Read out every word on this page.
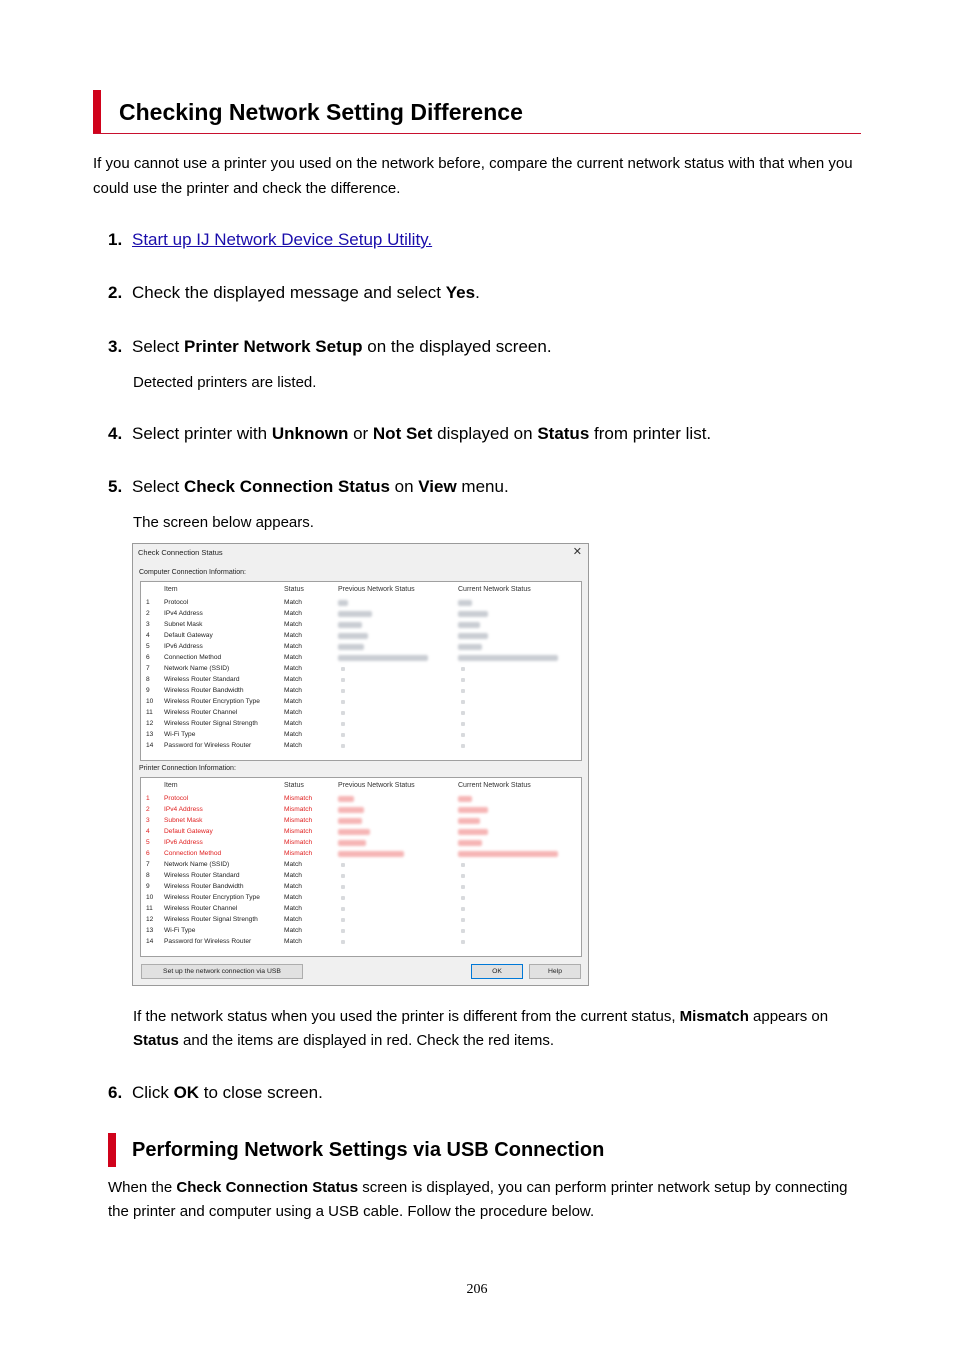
Checking Network Setting Difference
If you cannot use a printer you used on the network before, compare the current network status with that when you could use the printer and check the difference.
1. Start up IJ Network Device Setup Utility.
2. Check the displayed message and select Yes.
3. Select Printer Network Setup on the displayed screen.
Detected printers are listed.
4. Select printer with Unknown or Not Set displayed on Status from printer list.
5. Select Check Connection Status on View menu.
The screen below appears.
Check Connection Status	✕
Computer Connection Information:
Item	Status	Previous Network Status	Current Network Status
1 Protocol	Match
2 IPv4 Address	Match
3 Subnet Mask	Match
4 Default Gateway	Match
5 IPv6 Address	Match
6 Connection Method	Match
7 Network Name (SSID)	Match
8 Wireless Router Standard	Match
9 Wireless Router Bandwidth	Match
10 Wireless Router Encryption Type	Match
11 Wireless Router Channel	Match
12 Wireless Router Signal Strength	Match
13 Wi-Fi Type	Match
14 Password for Wireless Router	Match
Printer Connection Information:
Item	Status	Previous Network Status	Current Network Status
1 Protocol	Mismatch
2 IPv4 Address	Mismatch
3 Subnet Mask	Mismatch
4 Default Gateway	Mismatch
5 IPv6 Address	Mismatch
6 Connection Method	Mismatch
7 Network Name (SSID)	Match
8 Wireless Router Standard	Match
9 Wireless Router Bandwidth	Match
10 Wireless Router Encryption Type	Match
11 Wireless Router Channel	Match
12 Wireless Router Signal Strength	Match
13 Wi-Fi Type	Match
14 Password for Wireless Router	Match
Set up the network connection via USB	OK	Help
If the network status when you used the printer is different from the current status, Mismatch appears on Status and the items are displayed in red. Check the red items.
6. Click OK to close screen.
Performing Network Settings via USB Connection
When the Check Connection Status screen is displayed, you can perform printer network setup by connecting the printer and computer using a USB cable. Follow the procedure below.
206
